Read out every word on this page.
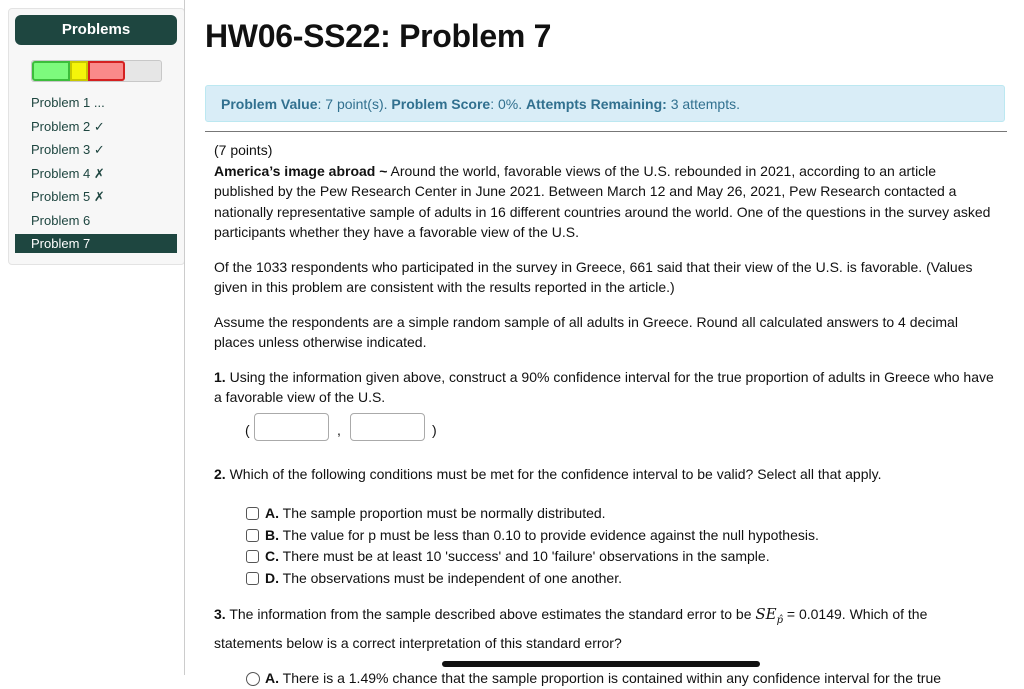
Problems
Problem 1 ...
Problem 2 ✓
Problem 3 ✓
Problem 4 ✗
Problem 5 ✗
Problem 6
Problem 7
HW06-SS22: Problem 7
Problem Value: 7 point(s). Problem Score: 0%. Attempts Remaining: 3 attempts.

(7 points)

America’s image abroad ~ Around the world, favorable views of the U.S. rebounded in 2021, according to an article published by the Pew Research Center in June 2021. Between March 12 and May 26, 2021, Pew Research contacted a nationally representative sample of adults in 16 different countries around the world. One of the questions in the survey asked participants whether they have a favorable view of the U.S.

Of the 1033 respondents who participated in the survey in Greece, 661 said that their view of the U.S. is favorable. (Values given in this problem are consistent with the results reported in the article.)

Assume the respondents are a simple random sample of all adults in Greece. Round all calculated answers to 4 decimal places unless otherwise indicated.

1. Using the information given above, construct a 90% confidence interval for the true proportion of adults in Greece who have a favorable view of the U.S.

(	,	)

2. Which of the following conditions must be met for the confidence interval to be valid? Select all that apply.

A. The sample proportion must be normally distributed.
B. The value for p must be less than 0.10 to provide evidence against the null hypothesis.
C. There must be at least 10 'success' and 10 'failure' observations in the sample.
D. The observations must be independent of one another.

3. The information from the sample described above estimates the standard error to be $SE_{p̂} = 0.0149$. Which of the statements below is a correct interpretation of this standard error?

A. There is a 1.49% chance that the sample proportion is contained within any confidence interval for the true
